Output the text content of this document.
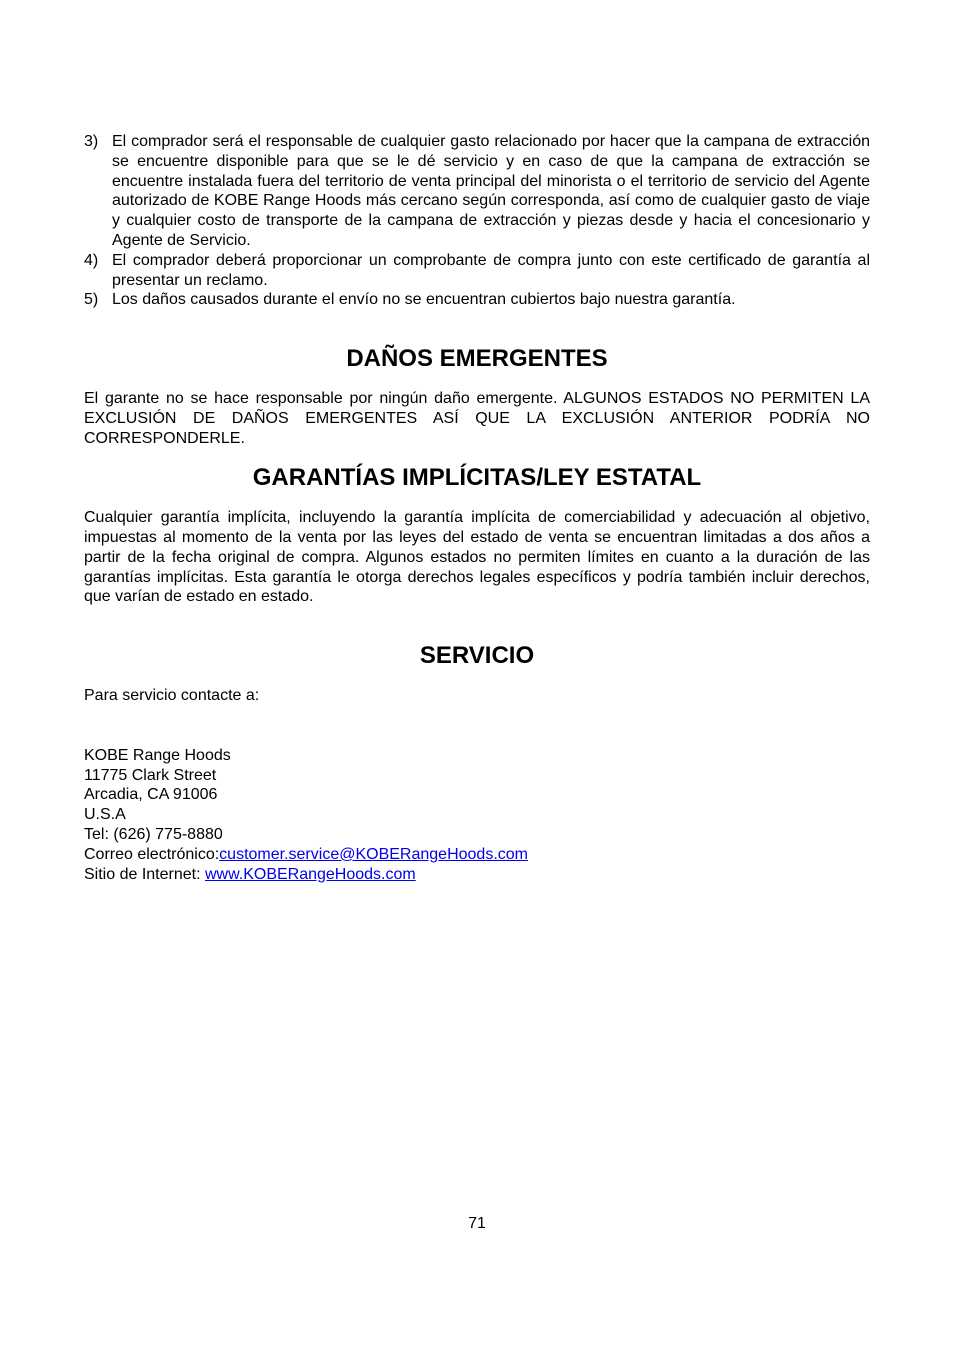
3) El comprador será el responsable de cualquier gasto relacionado por hacer que la campana de extracción se encuentre disponible para que se le dé servicio y en caso de que la campana de extracción se encuentre instalada fuera del territorio de venta principal del minorista o el territorio de servicio del Agente autorizado de KOBE Range Hoods más cercano según corresponda, así como de cualquier gasto de viaje y cualquier costo de transporte de la campana de extracción y piezas desde y hacia el concesionario y Agente de Servicio.
4) El comprador deberá proporcionar un comprobante de compra junto con este certificado de garantía al presentar un reclamo.
5) Los daños causados durante el envío no se encuentran cubiertos bajo nuestra garantía.
DAÑOS EMERGENTES

El garante no se hace responsable por ningún daño emergente. ALGUNOS ESTADOS NO PERMITEN LA EXCLUSIÓN DE DAÑOS EMERGENTES ASÍ QUE LA EXCLUSIÓN ANTERIOR PODRÍA NO CORRESPONDERLE.

GARANTÍAS IMPLÍCITAS/LEY ESTATAL

Cualquier garantía implícita, incluyendo la garantía implícita de comerciabilidad y adecuación al objetivo, impuestas al momento de la venta por las leyes del estado de venta se encuentran limitadas a dos años a partir de la fecha original de compra. Algunos estados no permiten límites en cuanto a la duración de las garantías implícitas. Esta garantía le otorga derechos legales específicos y podría también incluir derechos, que varían de estado en estado.

SERVICIO

Para servicio contacte a:

KOBE Range Hoods
11775 Clark Street
Arcadia, CA 91006
U.S.A
Tel: (626) 775-8880
Correo electrónico:customer.service@KOBERangeHoods.com
Sitio de Internet: www.KOBERangeHoods.com
71
